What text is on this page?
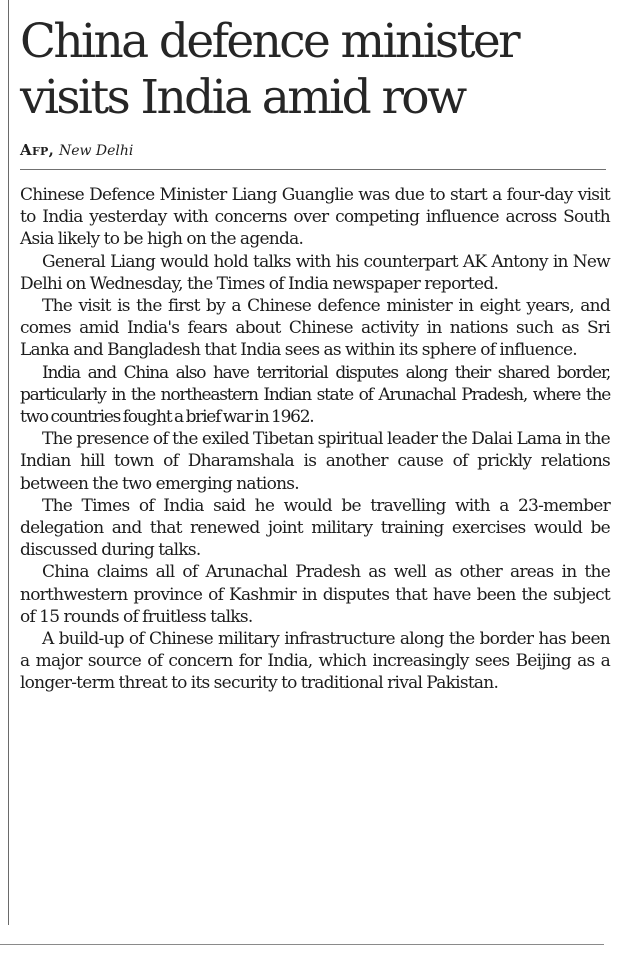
China defence minister visits India amid row
Afp, New Delhi

Chinese Defence Minister Liang Guanglie was due to start a four-day visit to India yesterday with concerns over competing influence across South Asia likely to be high on the agenda.

General Liang would hold talks with his counterpart AK Antony in New Delhi on Wednesday, the Times of India newspaper reported.

The visit is the first by a Chinese defence minister in eight years, and comes amid India's fears about Chinese activity in nations such as Sri Lanka and Bangladesh that India sees as within its sphere of influence.

India and China also have territorial disputes along their shared border, particularly in the northeastern Indian state of Arunachal Pradesh, where the two countries fought a brief war in 1962.

The presence of the exiled Tibetan spiritual leader the Dalai Lama in the Indian hill town of Dharamshala is another cause of prickly relations between the two emerging nations.

The Times of India said he would be travelling with a 23-member delegation and that renewed joint military training exercises would be discussed during talks.

China claims all of Arunachal Pradesh as well as other areas in the northwestern province of Kashmir in disputes that have been the subject of 15 rounds of fruitless talks.

A build-up of Chinese military infrastructure along the border has been a major source of concern for India, which increasingly sees Beijing as a longer-term threat to its security to traditional rival Pakistan.
